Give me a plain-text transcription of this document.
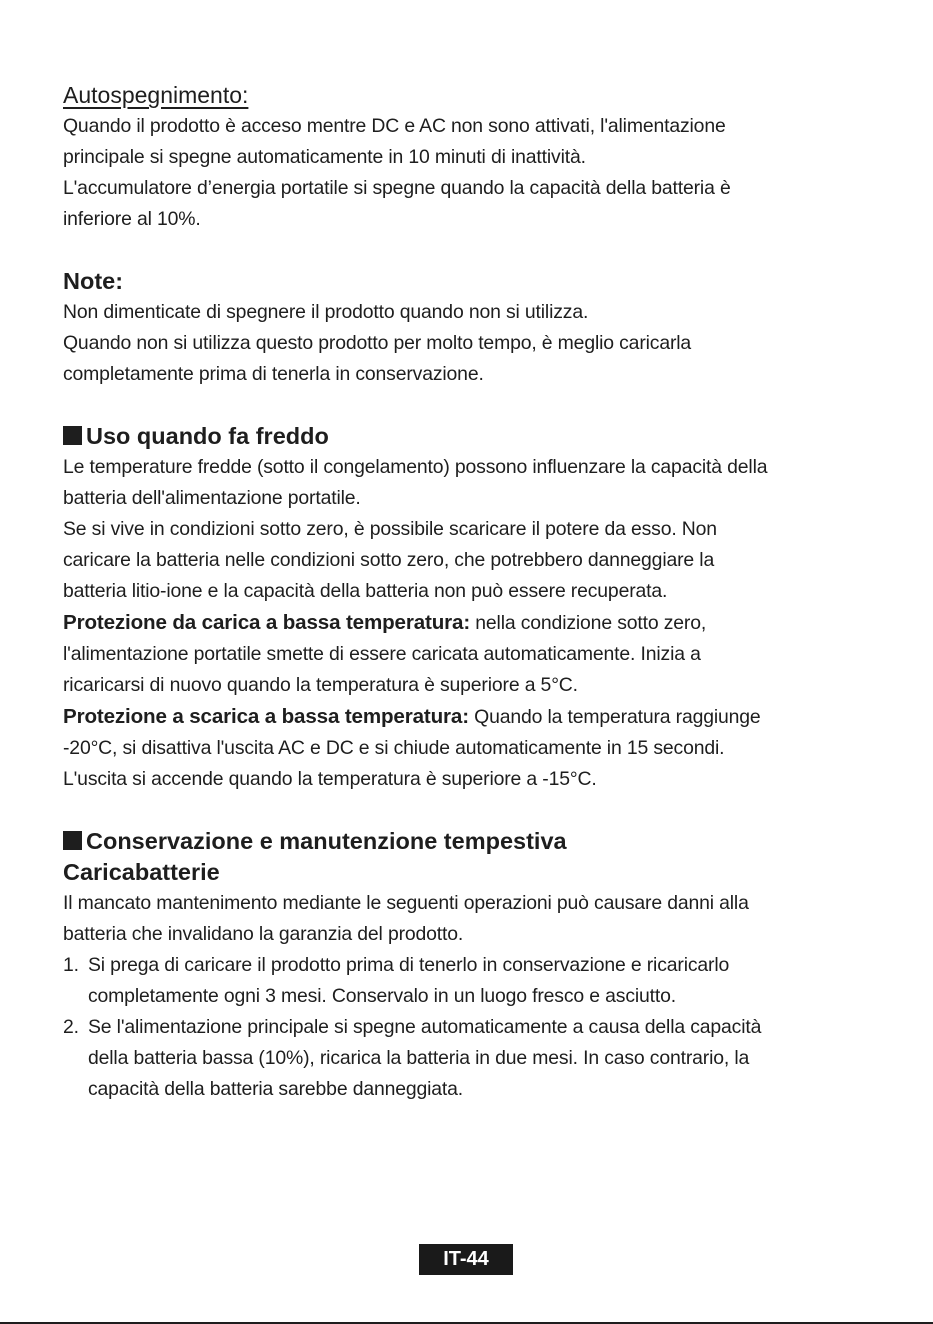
Autospegnimento:

Quando il prodotto è acceso mentre DC e AC non sono attivati, l'alimentazione

principale si spegne automaticamente in 10 minuti di inattività.

L'accumulatore d’energia portatile si spegne quando la capacità della batteria è

inferiore al 10%.

Note:

Non dimenticate di spegnere il prodotto quando non si utilizza.

Quando non si utilizza questo prodotto per molto tempo, è meglio caricarla

completamente prima di tenerla in conservazione.

Uso quando fa freddo

Le temperature fredde (sotto il congelamento) possono influenzare la capacità della

batteria dell'alimentazione portatile.

Se si vive in condizioni sotto zero, è possibile scaricare il potere da esso. Non

caricare la batteria nelle condizioni sotto zero, che potrebbero danneggiare la

batteria litio-ione e la capacità della batteria non può essere recuperata.

Protezione da carica a bassa temperatura: nella condizione sotto zero,

l'alimentazione portatile smette di essere caricata automaticamente. Inizia a

ricaricarsi di nuovo quando la temperatura è superiore a 5°C.

Protezione a scarica a bassa temperatura: Quando la temperatura raggiunge

-20°C, si disattiva l'uscita AC e DC e si chiude automaticamente in 15 secondi.

L'uscita si accende quando la temperatura è superiore a -15°C.

Conservazione e manutenzione tempestiva
Caricabatterie

Il mancato mantenimento mediante le seguenti operazioni può causare danni alla

batteria che invalidano la garanzia del prodotto.

1. Si prega di caricare il prodotto prima di tenerlo in conservazione e ricaricarlo
completamente ogni 3 mesi. Conservalo in un luogo fresco e asciutto.
2. Se l'alimentazione principale si spegne automaticamente a causa della capacità
della batteria bassa (10%), ricarica la batteria in due mesi. In caso contrario, la
capacità della batteria sarebbe danneggiata.
IT-44
